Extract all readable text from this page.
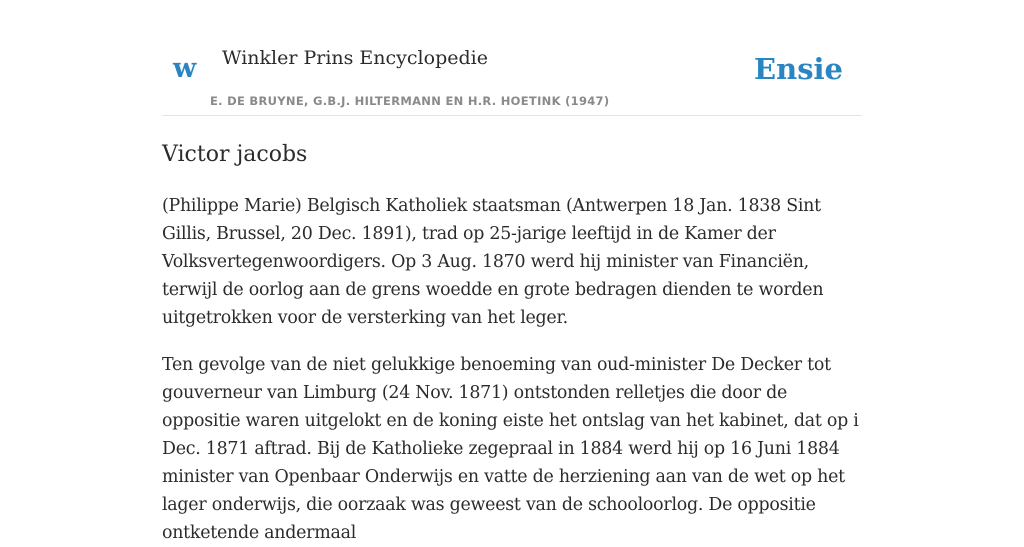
w Winkler Prins Encyclopedie
E. DE BRUYNE, G.B.J. HILTERMANN EN H.R. HOETINK (1947)
Ensie
Victor jacobs

(Philippe Marie) Belgisch Katholiek staatsman (Antwerpen 18 Jan. 1838 Sint Gillis, Brussel, 20 Dec. 1891), trad op 25-jarige leeftijd in de Kamer der Volksvertegenwoordigers. Op 3 Aug. 1870 werd hij minister van Financiën, terwijl de oorlog aan de grens woedde en grote bedragen dienden te worden uitgetrokken voor de versterking van het leger.

Ten gevolge van de niet gelukkige benoeming van oud-minister De Decker tot gouverneur van Limburg (24 Nov. 1871) ontstonden relletjes die door de oppositie waren uitgelokt en de koning eiste het ontslag van het kabinet, dat op i Dec. 1871 aftrad. Bij de Katholieke zegepraal in 1884 werd hij op 16 Juni 1884 minister van Openbaar Onderwijs en vatte de herziening aan van de wet op het lager onderwijs, die oorzaak was geweest van de schooloorlog. De oppositie ontketende andermaal
